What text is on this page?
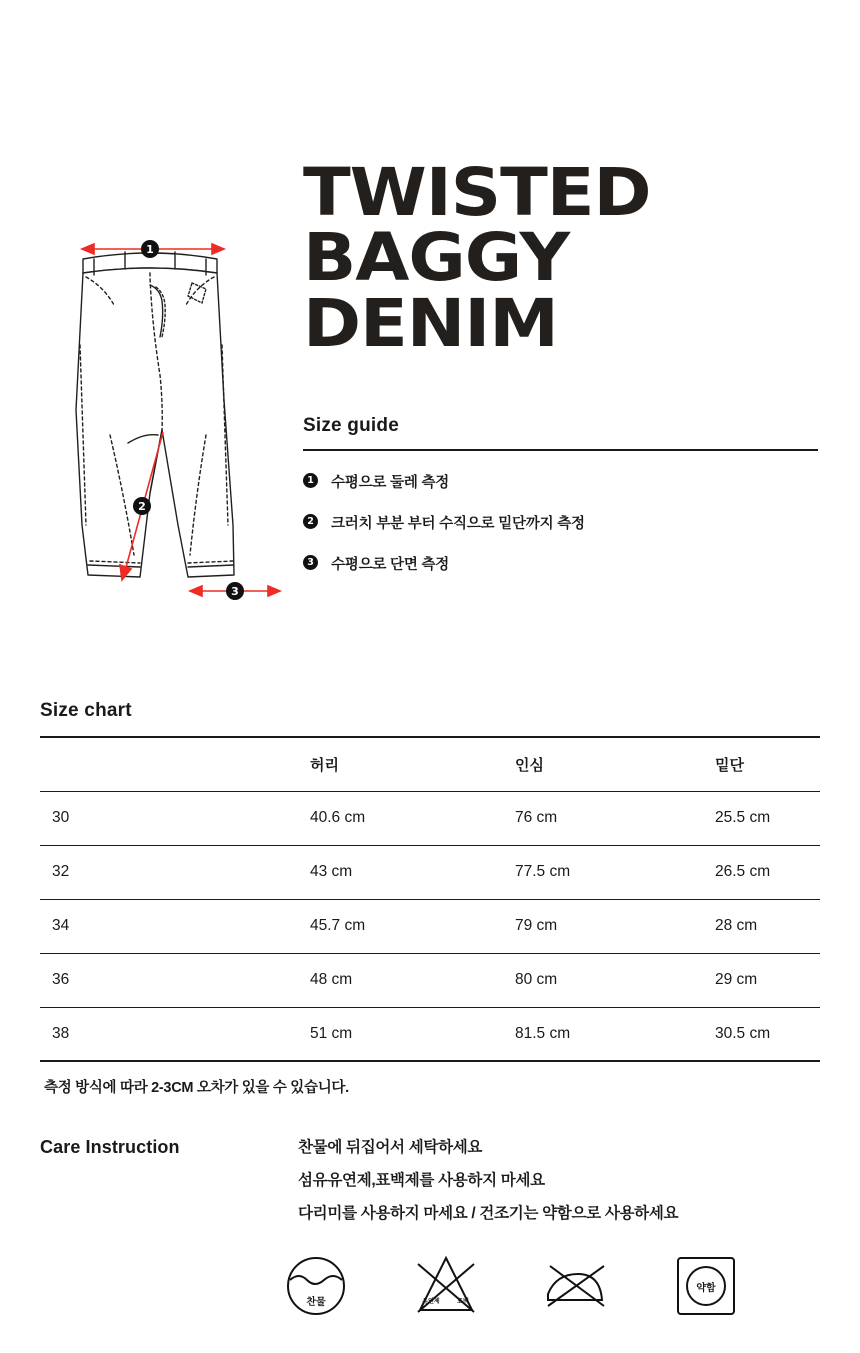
1
2
3
TWISTED
BAGGY
DENIM
Size guide
1 수평으로 둘레 측정
2 크러치 부분 부터 수직으로 밑단까지 측정
3 수평으로 단면 측정
Size chart
	허리	인심	밑단
30	40.6 cm	76 cm	25.5 cm
32	43 cm	77.5 cm	26.5 cm
34	45.7 cm	79 cm	28 cm
36	48 cm	80 cm	29 cm
38	51 cm	81.5 cm	30.5 cm
측정 방식에 따라 2-3CM 오차가 있을 수 있습니다.
Care Instruction	찬물에 뒤집어서 세탁하세요
섬유유연제,표백제를 사용하지 마세요
다리미를 사용하지 마세요 / 건조기는 약함으로 사용하세요
찬물	유연제	표백
약함
